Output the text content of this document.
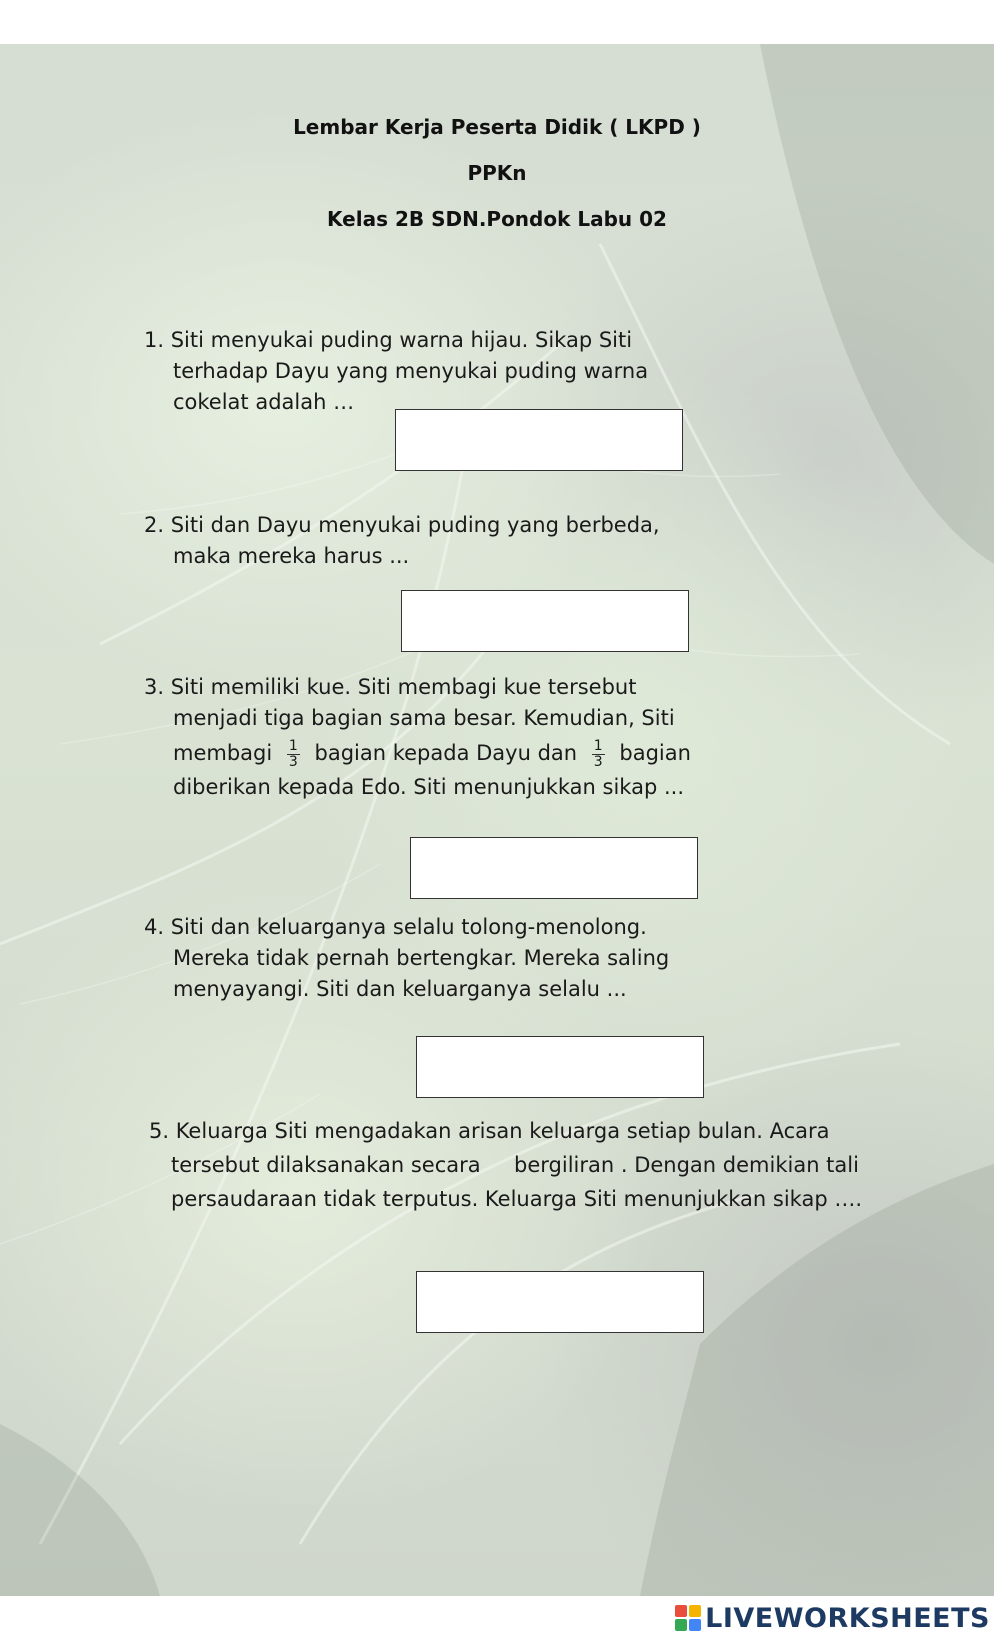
Lembar Kerja Peserta Didik ( LKPD )
PPKn
Kelas 2B SDN.Pondok Labu 02
1. Siti menyukai puding warna hijau. Sikap Siti
terhadap Dayu yang menyukai puding warna
cokelat adalah …
2. Siti dan Dayu menyukai puding yang berbeda,
maka mereka harus ...
3. Siti memiliki kue. Siti membagi kue tersebut
menjadi tiga bagian sama besar. Kemudian, Siti
membagi $\frac{1}{3}$ bagian kepada Dayu dan $\frac{1}{3}$ bagian
diberikan kepada Edo. Siti menunjukkan sikap ...
4. Siti dan keluarganya selalu tolong-menolong.
Mereka tidak pernah bertengkar. Mereka saling
menyayangi. Siti dan keluarganya selalu ...
5. Keluarga Siti mengadakan arisan keluarga setiap bulan. Acara
tersebut dilaksanakan secara     bergiliran . Dengan demikian tali
persaudaraan tidak terputus. Keluarga Siti menunjukkan sikap ….
LIVEWORKSHEETS
